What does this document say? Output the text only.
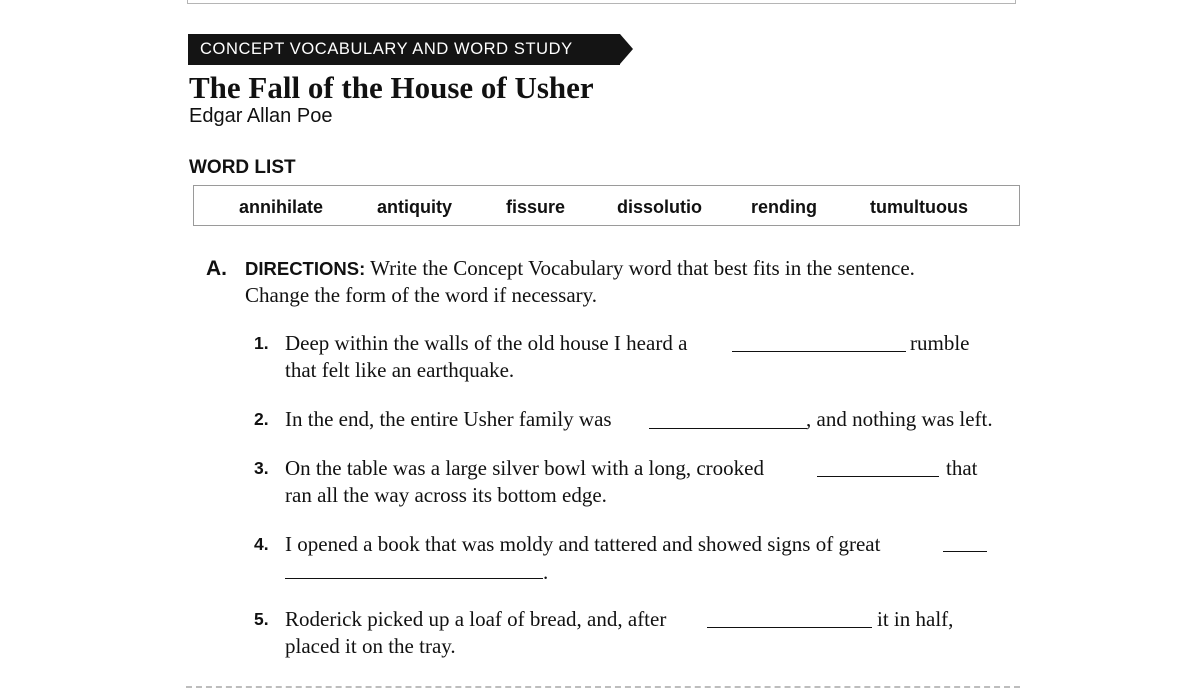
CONCEPT VOCABULARY AND WORD STUDY
The Fall of the House of Usher
Edgar Allan Poe
WORD LIST
annihilate	antiquity	fissure	dissolutio	rending	tumultuous
A. DIRECTIONS: Write the Concept Vocabulary word that best fits in the sentence.
Change the form of the word if necessary.
1. Deep within the walls of the old house I heard a	rumble
that felt like an earthquake.
2. In the end, the entire Usher family was	, and nothing was left.
3. On the table was a large silver bowl with a long, crooked	that
ran all the way across its bottom edge.
4. I opened a book that was moldy and tattered and showed signs of great
.
5. Roderick picked up a loaf of bread, and, after	it in half,
placed it on the tray.
